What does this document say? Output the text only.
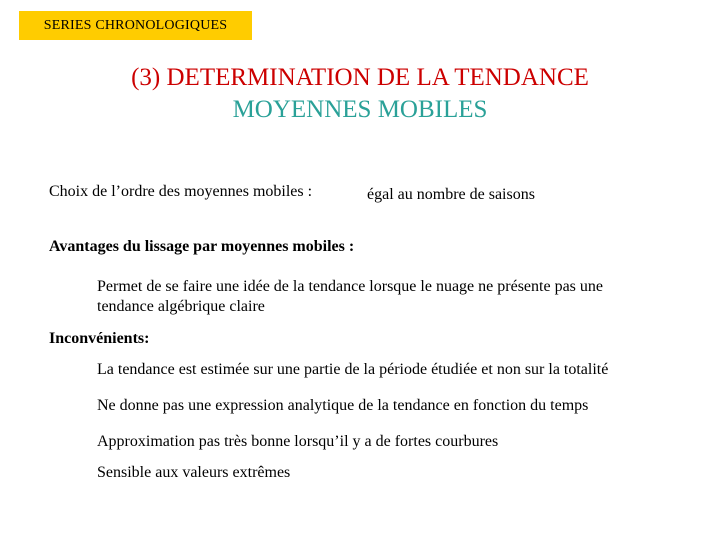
SERIES CHRONOLOGIQUES
(3) DETERMINATION DE LA TENDANCE
MOYENNES MOBILES
Choix de l’ordre des moyennes mobiles :	égal au nombre de saisons
Avantages du lissage par moyennes mobiles :
Permet de se faire une idée de la tendance lorsque le nuage ne présente pas une tendance algébrique claire
Inconvénients:
La tendance est estimée sur une partie de la période étudiée et non sur la totalité
Ne donne pas une expression analytique de la tendance en fonction du temps
Approximation pas très bonne lorsqu’il y a de fortes courbures
Sensible aux valeurs extrêmes
